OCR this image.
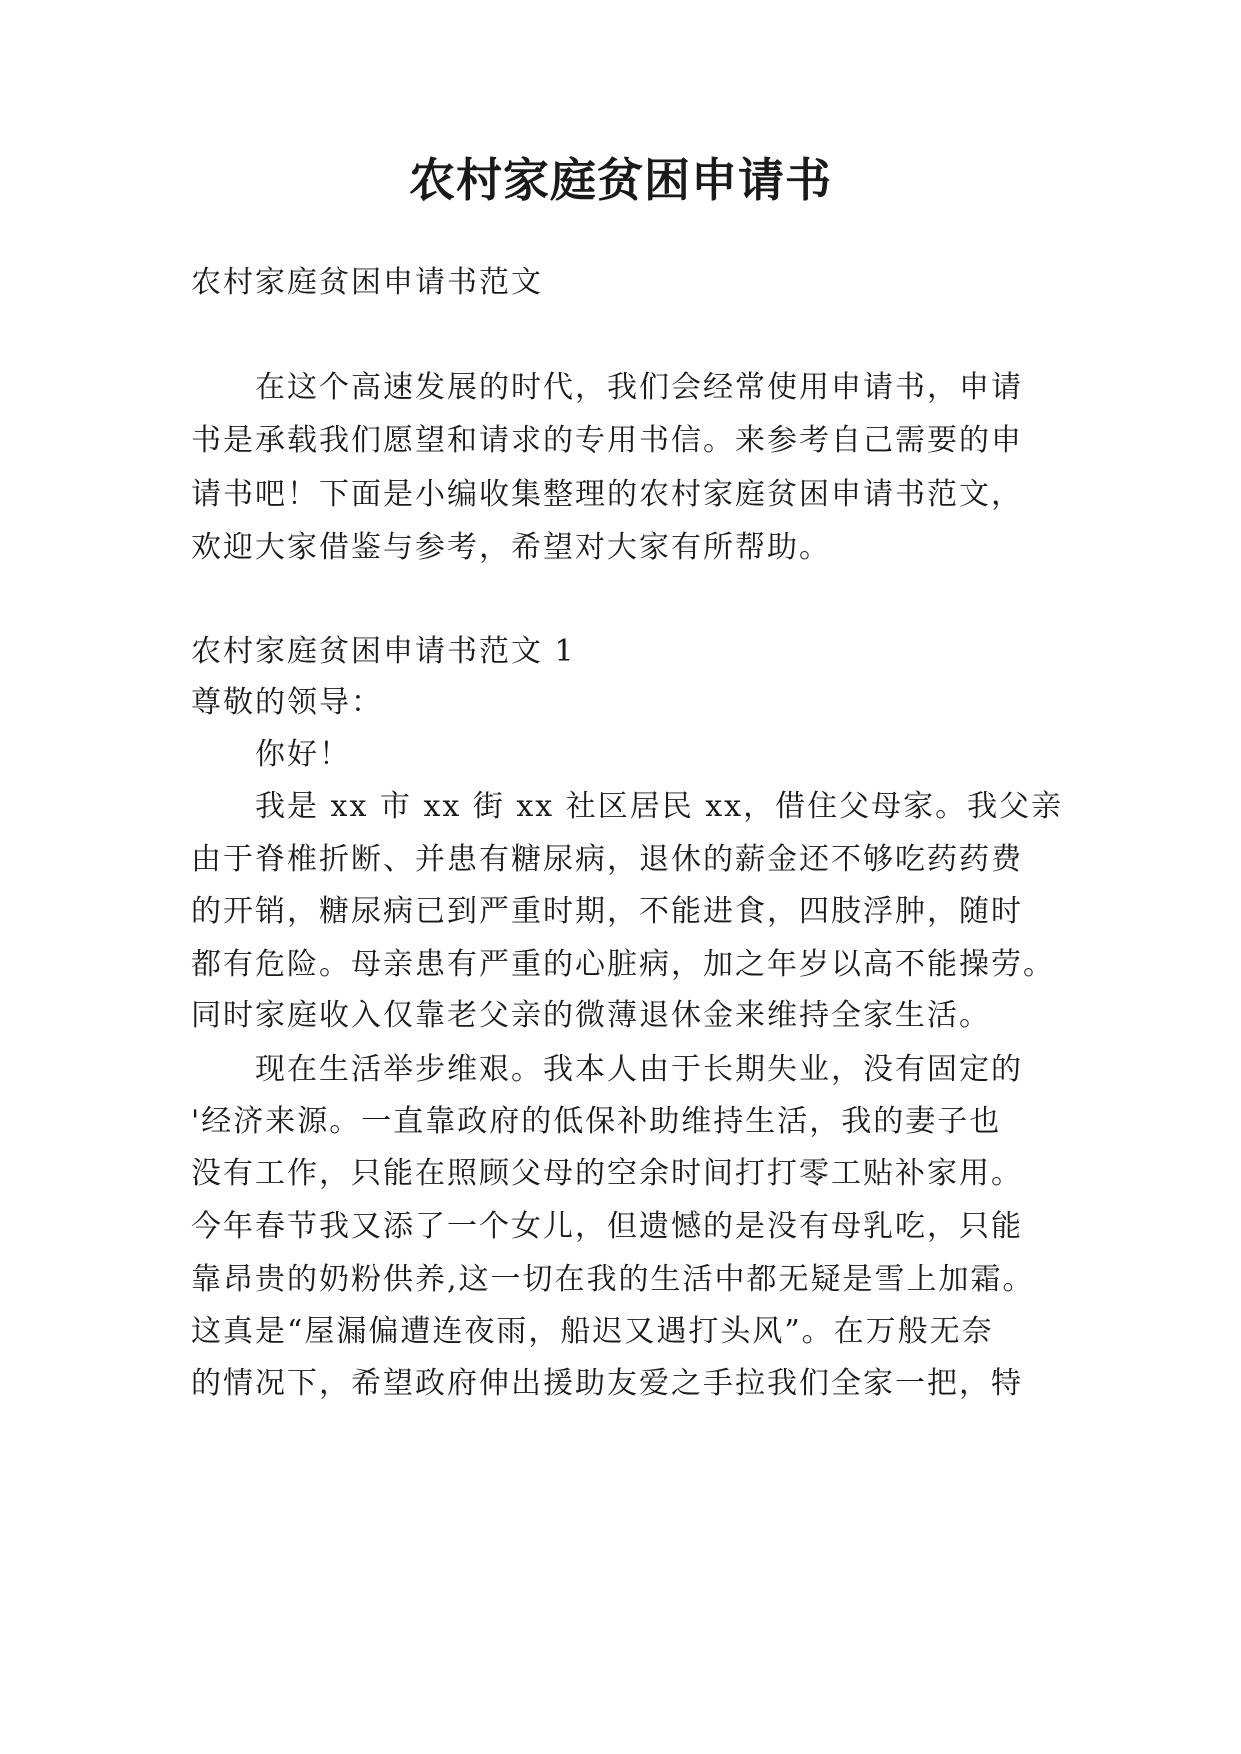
农村家庭贫困申请书
农村家庭贫困申请书范文
在这个高速发展的时代，我们会经常使用申请书，申请
书是承载我们愿望和请求的专用书信。来参考自己需要的申
请书吧！下面是小编收集整理的农村家庭贫困申请书范文，
欢迎大家借鉴与参考，希望对大家有所帮助。
农村家庭贫困申请书范文 1
尊敬的领导：
你好！
我是 xx 市 xx 街 xx 社区居民 xx，借住父母家。我父亲
由于脊椎折断、并患有糖尿病，退休的薪金还不够吃药药费
的开销，糖尿病已到严重时期，不能进食，四肢浮肿，随时
都有危险。母亲患有严重的心脏病，加之年岁以高不能操劳。
同时家庭收入仅靠老父亲的微薄退休金来维持全家生活。
现在生活举步维艰。我本人由于长期失业，没有固定的
'经济来源。一直靠政府的低保补助维持生活，我的妻子也
没有工作，只能在照顾父母的空余时间打打零工贴补家用。
今年春节我又添了一个女儿，但遗憾的是没有母乳吃，只能
靠昂贵的奶粉供养,这一切在我的生活中都无疑是雪上加霜。
这真是“屋漏偏遭连夜雨，船迟又遇打头风”。在万般无奈
的情况下，希望政府伸出援助友爱之手拉我们全家一把，特
